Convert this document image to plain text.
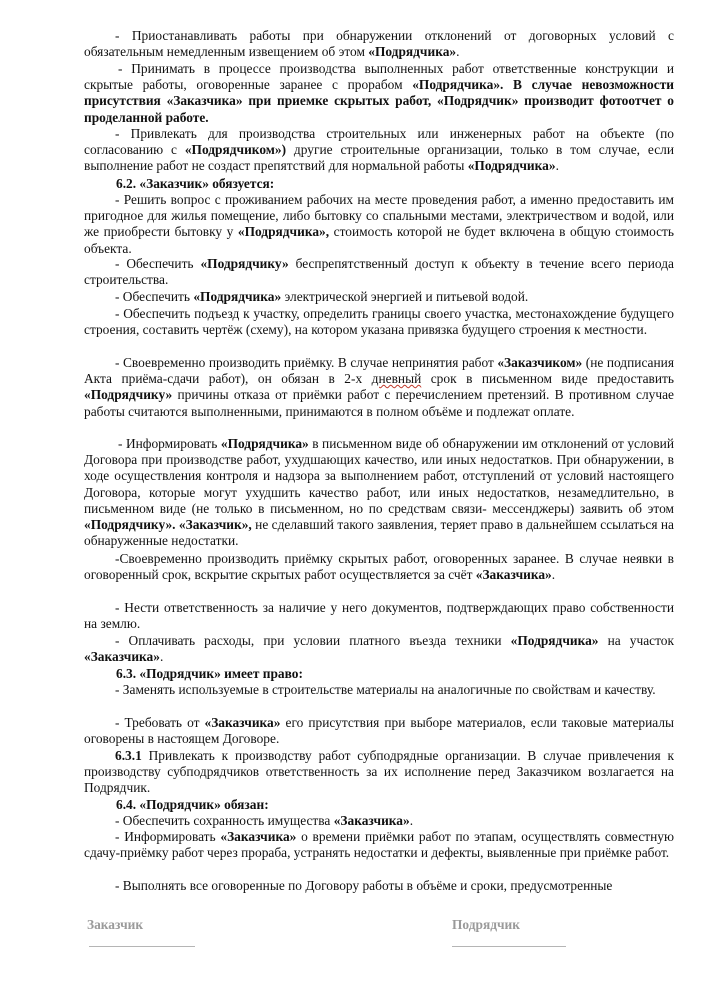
- Приостанавливать работы при обнаружении отклонений от договорных условий с обязательным немедленным извещением об этом «Подрядчика».

- Принимать в процессе производства выполненных работ ответственные конструкции и скрытые работы, оговоренные заранее с прорабом «Подрядчика». В случае невозможности присутствия «Заказчика» при приемке скрытых работ, «Подрядчик» производит фотоотчет о проделанной работе.

- Привлекать для производства строительных или инженерных работ на объекте (по согласованию с «Подрядчиком») другие строительные организации, только в том случае, если выполнение работ не создаст препятствий для нормальной работы «Подрядчика».

6.2. «Заказчик» обязуется:

- Решить вопрос с проживанием рабочих на месте проведения работ, а именно предоставить им пригодное для жилья помещение, либо бытовку со спальными местами, электричеством и водой, или же приобрести бытовку у «Подрядчика», стоимость которой не будет включена в общую стоимость объекта.

- Обеспечить «Подрядчику» беспрепятственный доступ к объекту в течение всего периода строительства.

- Обеспечить «Подрядчика» электрической энергией и питьевой водой.

- Обеспечить подъезд к участку, определить границы своего участка, местонахождение будущего строения, составить чертёж (схему), на котором указана привязка будущего строения к местности.

- Своевременно производить приёмку. В случае непринятия работ «Заказчиком» (не подписания Акта приёма-сдачи работ), он обязан в 2-х дневный срок в письменном виде предоставить «Подрядчику» причины отказа от приёмки работ с перечислением претензий. В противном случае работы считаются выполненными, принимаются в полном объёме и подлежат оплате.

- Информировать «Подрядчика» в письменном виде об обнаружении им отклонений от условий Договора при производстве работ, ухудшающих качество, или иных недостатков. При обнаружении, в ходе осуществления контроля и надзора за выполнением работ, отступлений от условий настоящего Договора, которые могут ухудшить качество работ, или иных недостатков, незамедлительно, в письменном виде (не только в письменном, но по средствам связи- мессенджеры) заявить об этом «Подрядчику». «Заказчик», не сделавший такого заявления, теряет право в дальнейшем ссылаться на обнаруженные недостатки.

-Своевременно производить приёмку скрытых работ, оговоренных заранее. В случае неявки в оговоренный срок, вскрытие скрытых работ осуществляется за счёт «Заказчика».

- Нести ответственность за наличие у него документов, подтверждающих право собственности на землю.

- Оплачивать расходы, при условии платного въезда техники «Подрядчика» на участок «Заказчика».

6.3. «Подрядчик» имеет право:

- Заменять используемые в строительстве материалы на аналогичные по свойствам и качеству.

- Требовать от «Заказчика» его присутствия при выборе материалов, если таковые материалы оговорены в настоящем Договоре.

6.3.1 Привлекать к производству работ субподрядные организации. В случае привлечения к производству субподрядчиков ответственность за их исполнение перед Заказчиком возлагается на Подрядчик.

6.4. «Подрядчик» обязан:

- Обеспечить сохранность имущества «Заказчика».

- Информировать «Заказчика» о времени приёмки работ по этапам, осуществлять совместную сдачу-приёмку работ через прораба, устранять недостатки и дефекты, выявленные при приёмке работ.

- Выполнять все оговоренные по Договору работы в объёме и сроки, предусмотренные

Заказчик	Подрядчик
